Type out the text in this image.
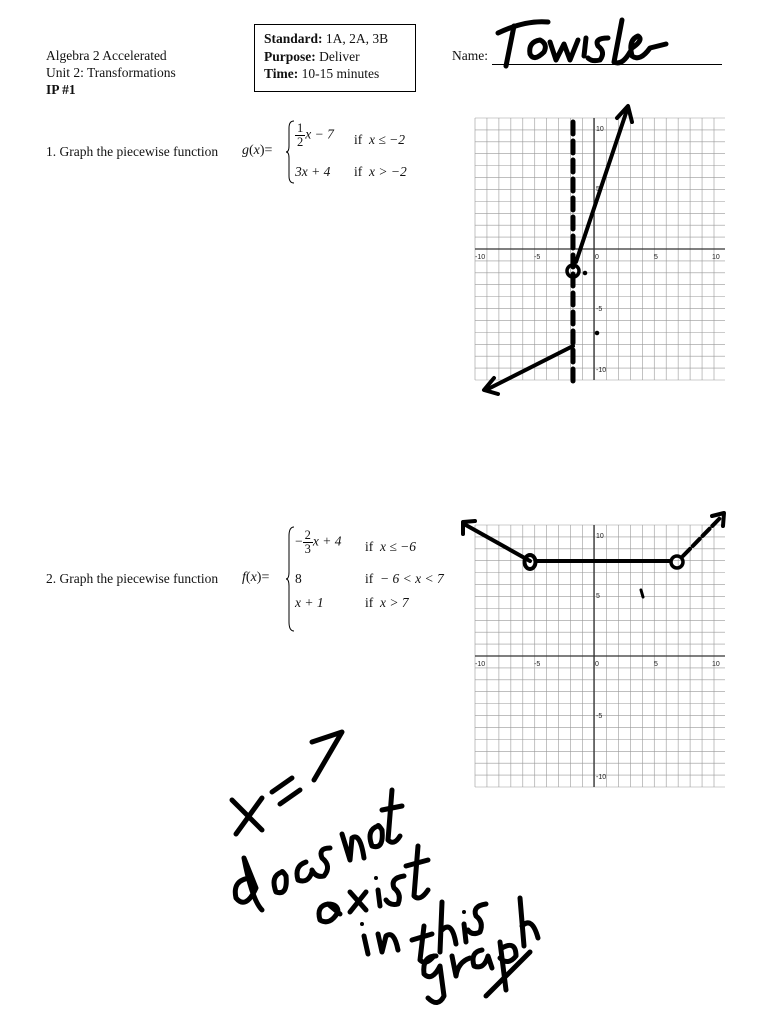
Algebra 2 Accelerated
Unit 2: Transformations
IP #1
Standard: 1A, 2A, 3B
Purpose: Deliver
Time: 10-15 minutes
Name:
1. Graph the piecewise function g(x)=
$\frac{1}{2}$ x − 7 if  x ≤ −2
3x + 4 if  x > −2
-10	-5	0	5	10
10
5
-5
-10
2. Graph the piecewise function f(x)=
− $\frac{2}{3}$ x + 4 if  x ≤ −6
8	if  − 6 < x < 7
x + 1	if  x > 7
-10	-5	0	5	10
10
5
-5
-10
